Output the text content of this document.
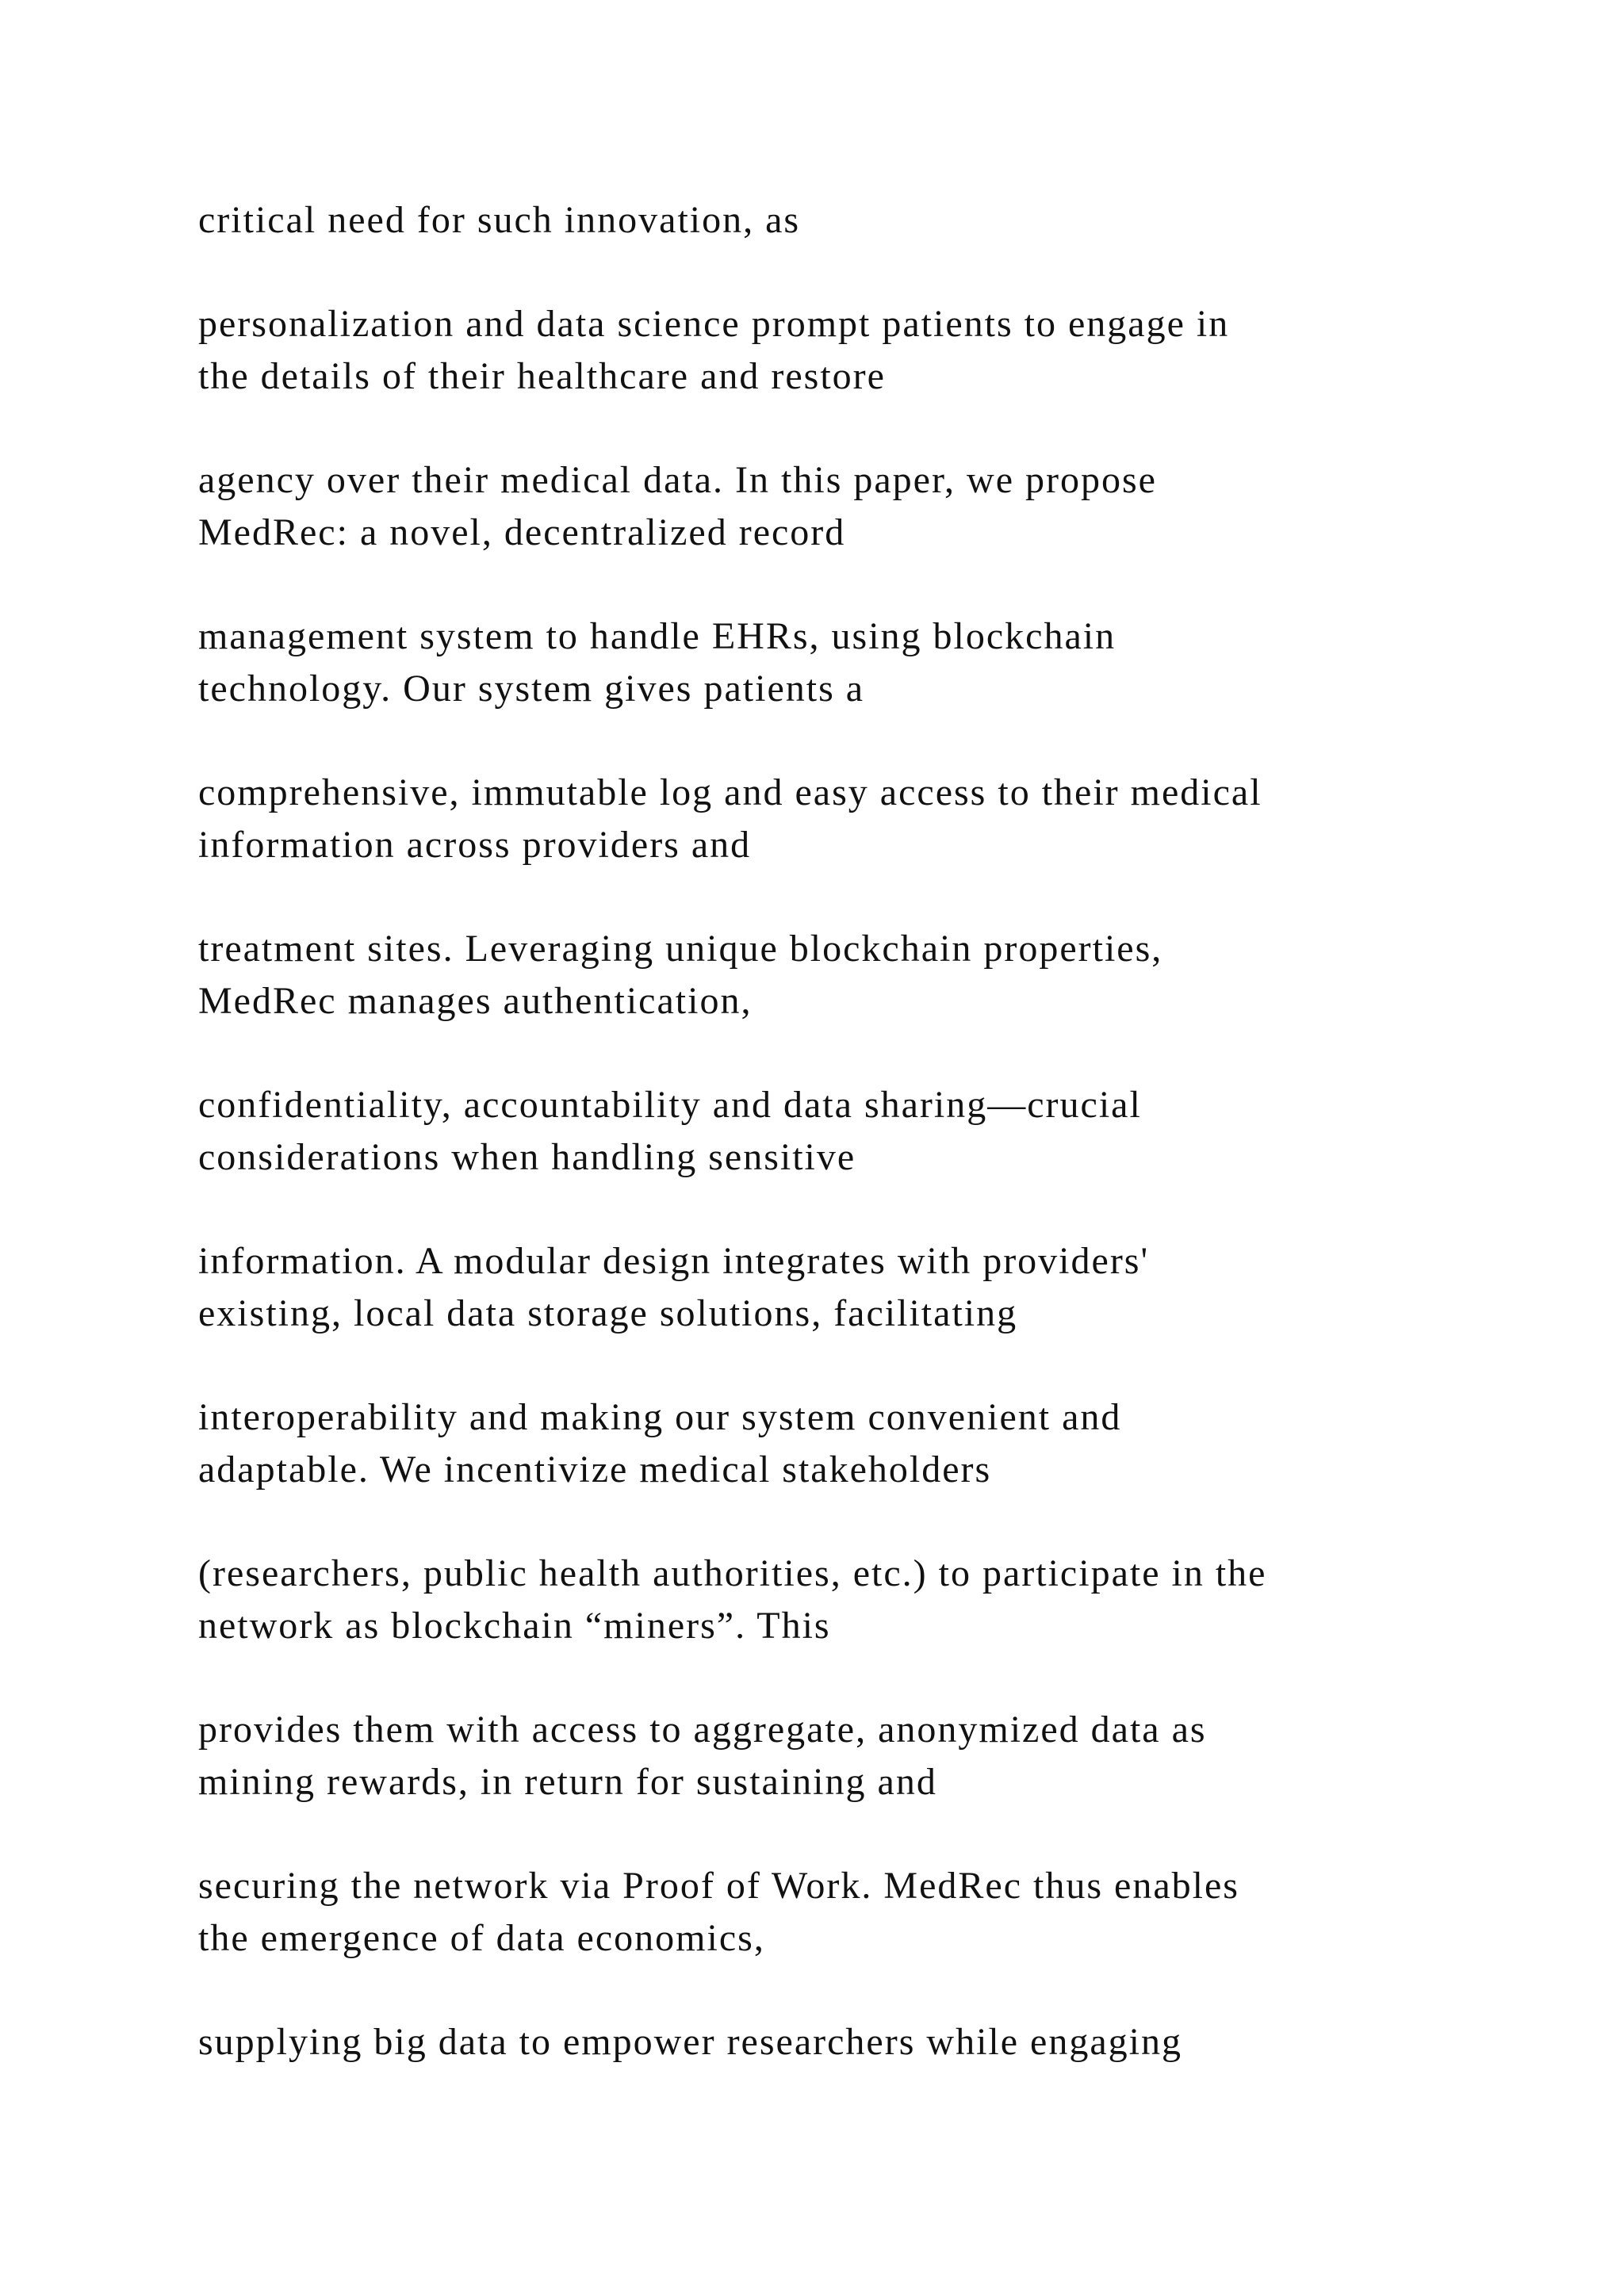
critical need for such innovation, as

personalization and data science prompt patients to engage in
the details of their healthcare and restore

agency over their medical data. In this paper, we propose
MedRec: a novel, decentralized record

management system to handle EHRs, using blockchain
technology. Our system gives patients a

comprehensive, immutable log and easy access to their medical
information across providers and

treatment sites. Leveraging unique blockchain properties,
MedRec manages authentication,

confidentiality, accountability and data sharing—crucial
considerations when handling sensitive

information. A modular design integrates with providers'
existing, local data storage solutions, facilitating

interoperability and making our system convenient and
adaptable. We incentivize medical stakeholders

(researchers, public health authorities, etc.) to participate in the
network as blockchain “miners”. This

provides them with access to aggregate, anonymized data as
mining rewards, in return for sustaining and

securing the network via Proof of Work. MedRec thus enables
the emergence of data economics,

supplying big data to empower researchers while engaging
